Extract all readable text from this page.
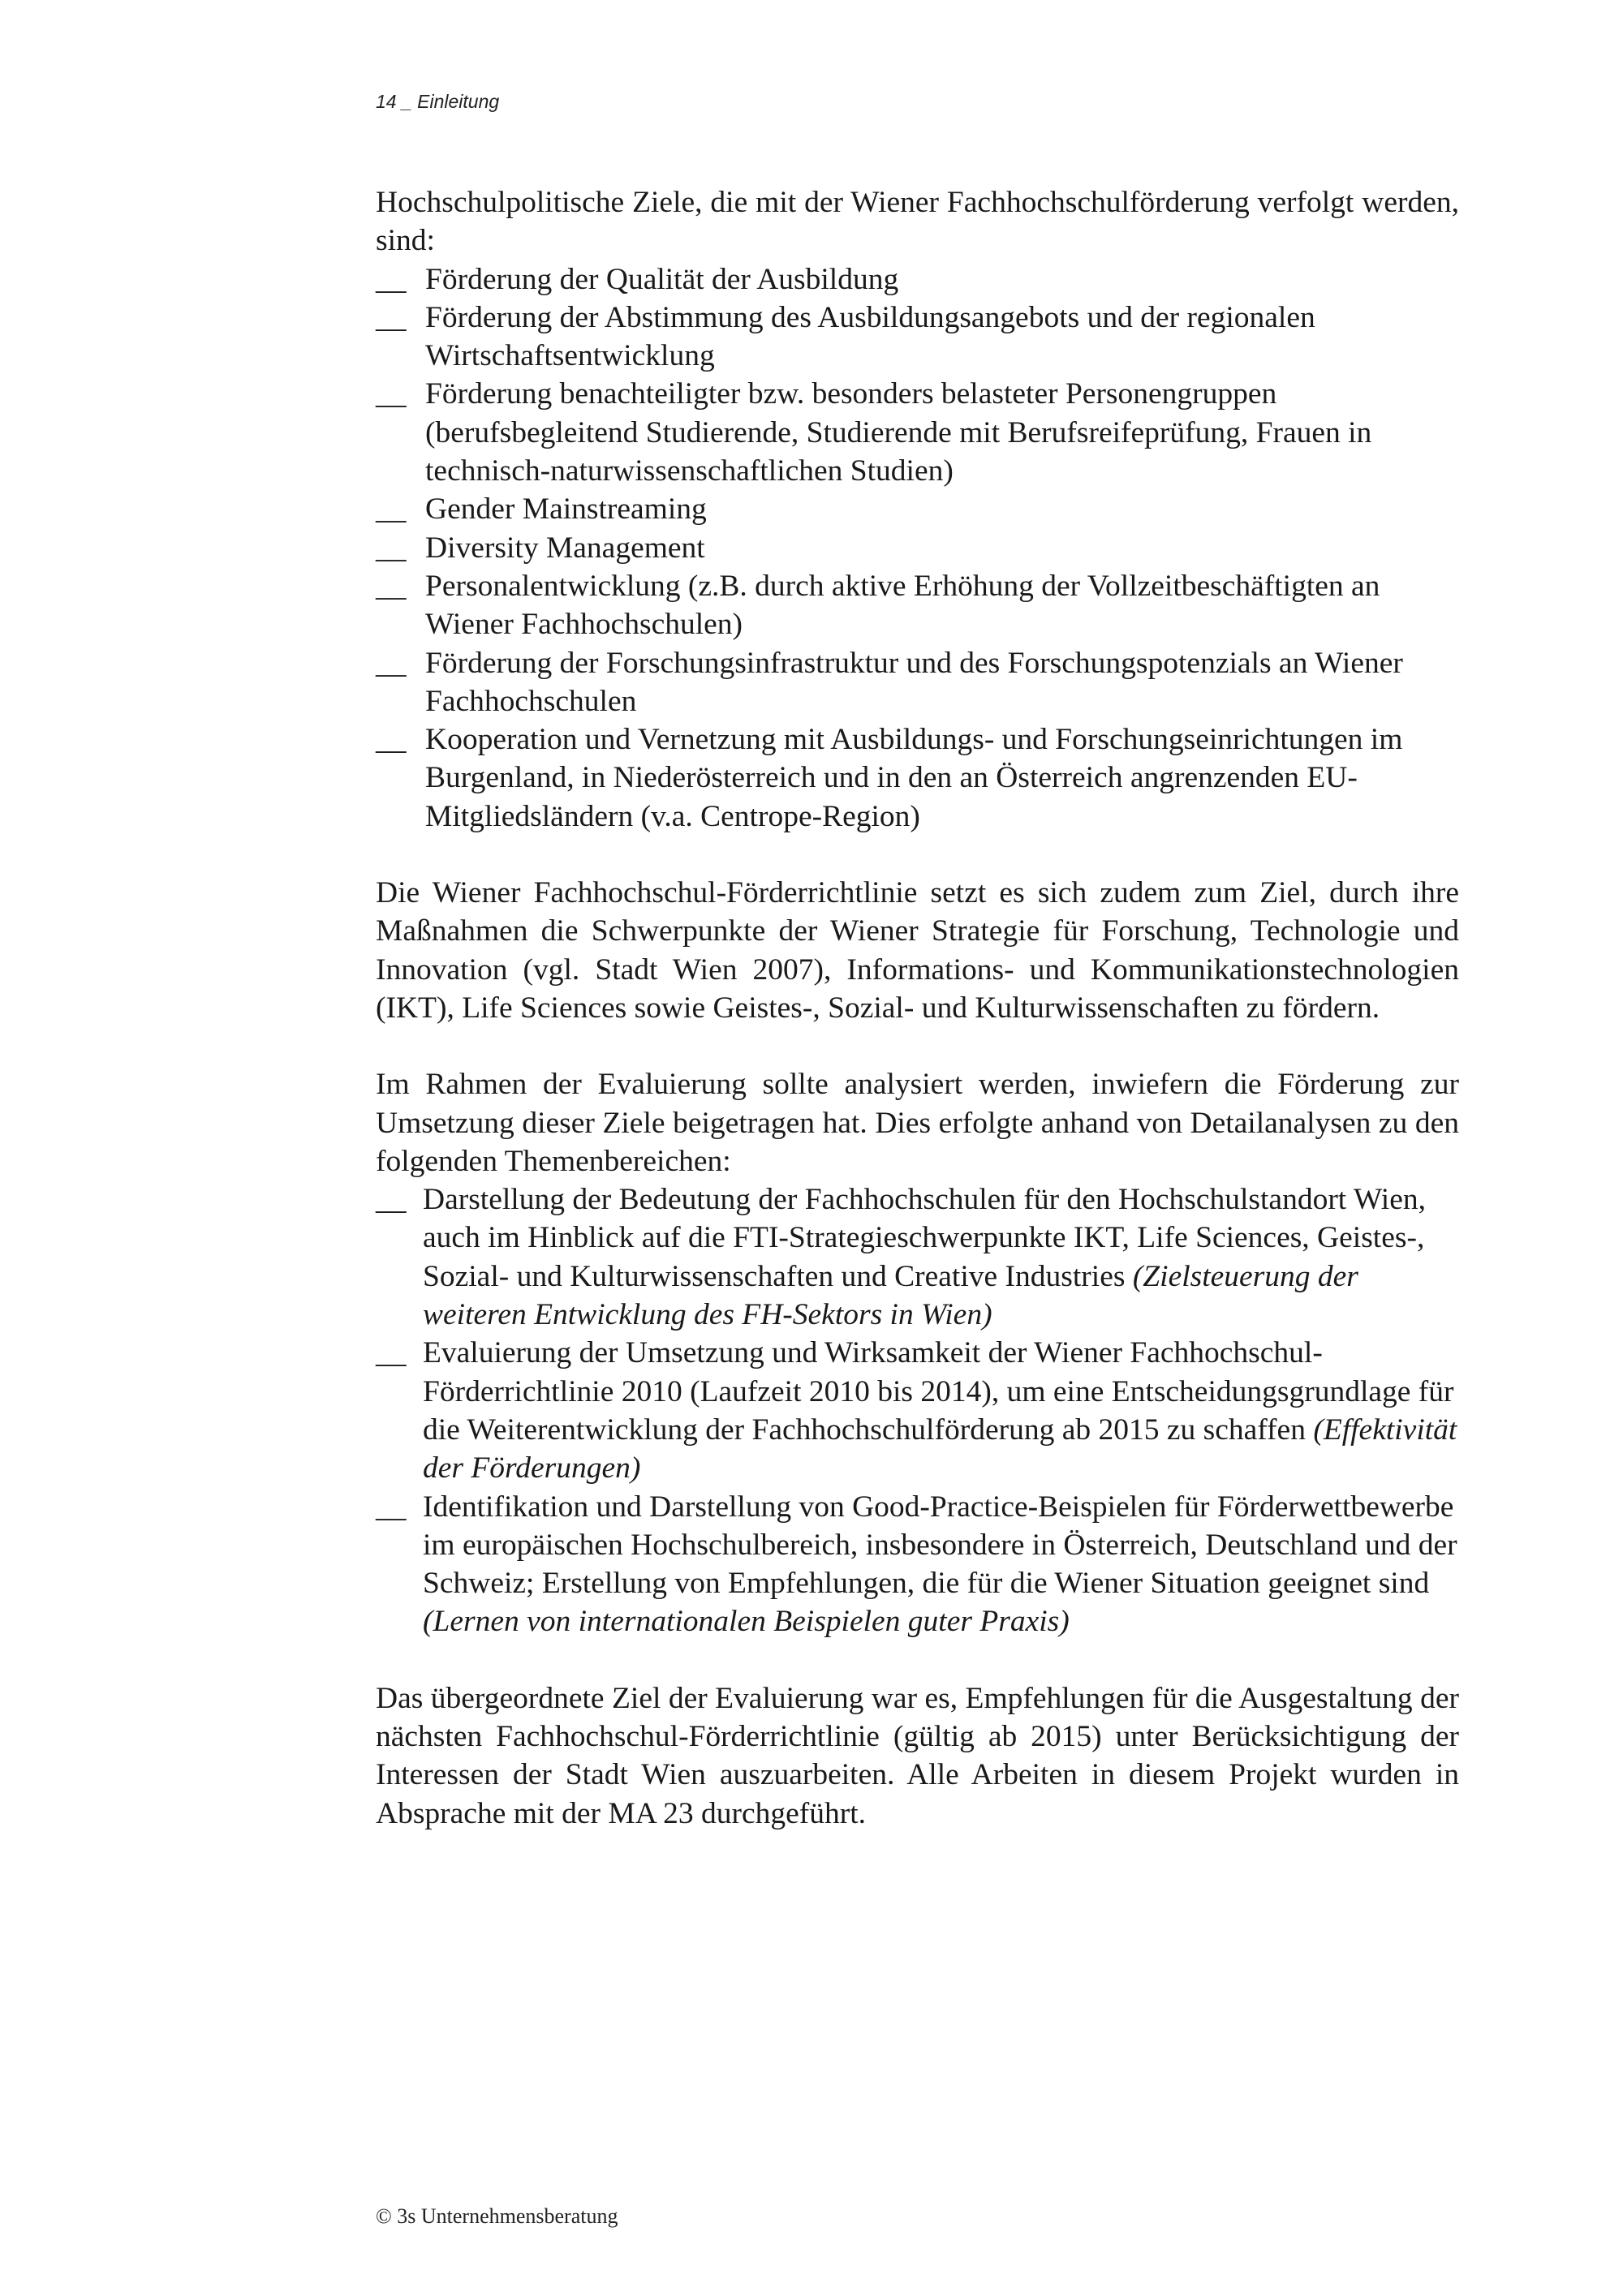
14 _ Einleitung

Hochschulpolitische Ziele, die mit der Wiener Fachhochschulförderung verfolgt werden, sind:

__ Förderung der Qualität der Ausbildung
__ Förderung der Abstimmung des Ausbildungsangebots und der regionalen Wirtschaftsentwicklung
__ Förderung benachteiligter bzw. besonders belasteter Personengruppen (berufsbegleitend Studierende, Studierende mit Berufsreifeprüfung, Frauen in technisch-naturwissenschaftlichen Studien)
__ Gender Mainstreaming
__ Diversity Management
__ Personalentwicklung (z.B. durch aktive Erhöhung der Vollzeitbeschäftigten an Wiener Fachhochschulen)
__ Förderung der Forschungsinfrastruktur und des Forschungspotenzials an Wiener Fachhochschulen
__ Kooperation und Vernetzung mit Ausbildungs- und Forschungseinrichtungen im Burgenland, in Niederösterreich und in den an Österreich angrenzenden EU-Mitgliedsländern (v.a. Centrope-Region)

Die Wiener Fachhochschul-Förderrichtlinie setzt es sich zudem zum Ziel, durch ihre Maßnahmen die Schwerpunkte der Wiener Strategie für Forschung, Technologie und Innovation (vgl. Stadt Wien 2007), Informations- und Kommunikationstechnologien (IKT), Life Sciences sowie Geistes-, Sozial- und Kulturwissenschaften zu fördern.

Im Rahmen der Evaluierung sollte analysiert werden, inwiefern die Förderung zur Umsetzung dieser Ziele beigetragen hat. Dies erfolgte anhand von Detailanalysen zu den folgenden Themenbereichen:

__ Darstellung der Bedeutung der Fachhochschulen für den Hochschulstandort Wien, auch im Hinblick auf die FTI-Strategieschwerpunkte IKT, Life Sciences, Geistes-, Sozial- und Kulturwissenschaften und Creative Industries (Zielsteuerung der weiteren Entwicklung des FH-Sektors in Wien)
__ Evaluierung der Umsetzung und Wirksamkeit der Wiener Fachhochschul-Förderrichtlinie 2010 (Laufzeit 2010 bis 2014), um eine Entscheidungsgrundlage für die Weiterentwicklung der Fachhochschulförderung ab 2015 zu schaffen (Effektivität der Förderungen)
__ Identifikation und Darstellung von Good-Practice-Beispielen für Förderwettbewerbe im europäischen Hochschulbereich, insbesondere in Österreich, Deutschland und der Schweiz; Erstellung von Empfehlungen, die für die Wiener Situation geeignet sind (Lernen von internationalen Beispielen guter Praxis)

Das übergeordnete Ziel der Evaluierung war es, Empfehlungen für die Ausgestaltung der nächsten Fachhochschul-Förderrichtlinie (gültig ab 2015) unter Berücksichtigung der Interessen der Stadt Wien auszuarbeiten. Alle Arbeiten in diesem Projekt wurden in Absprache mit der MA 23 durchgeführt.

© 3s Unternehmensberatung
